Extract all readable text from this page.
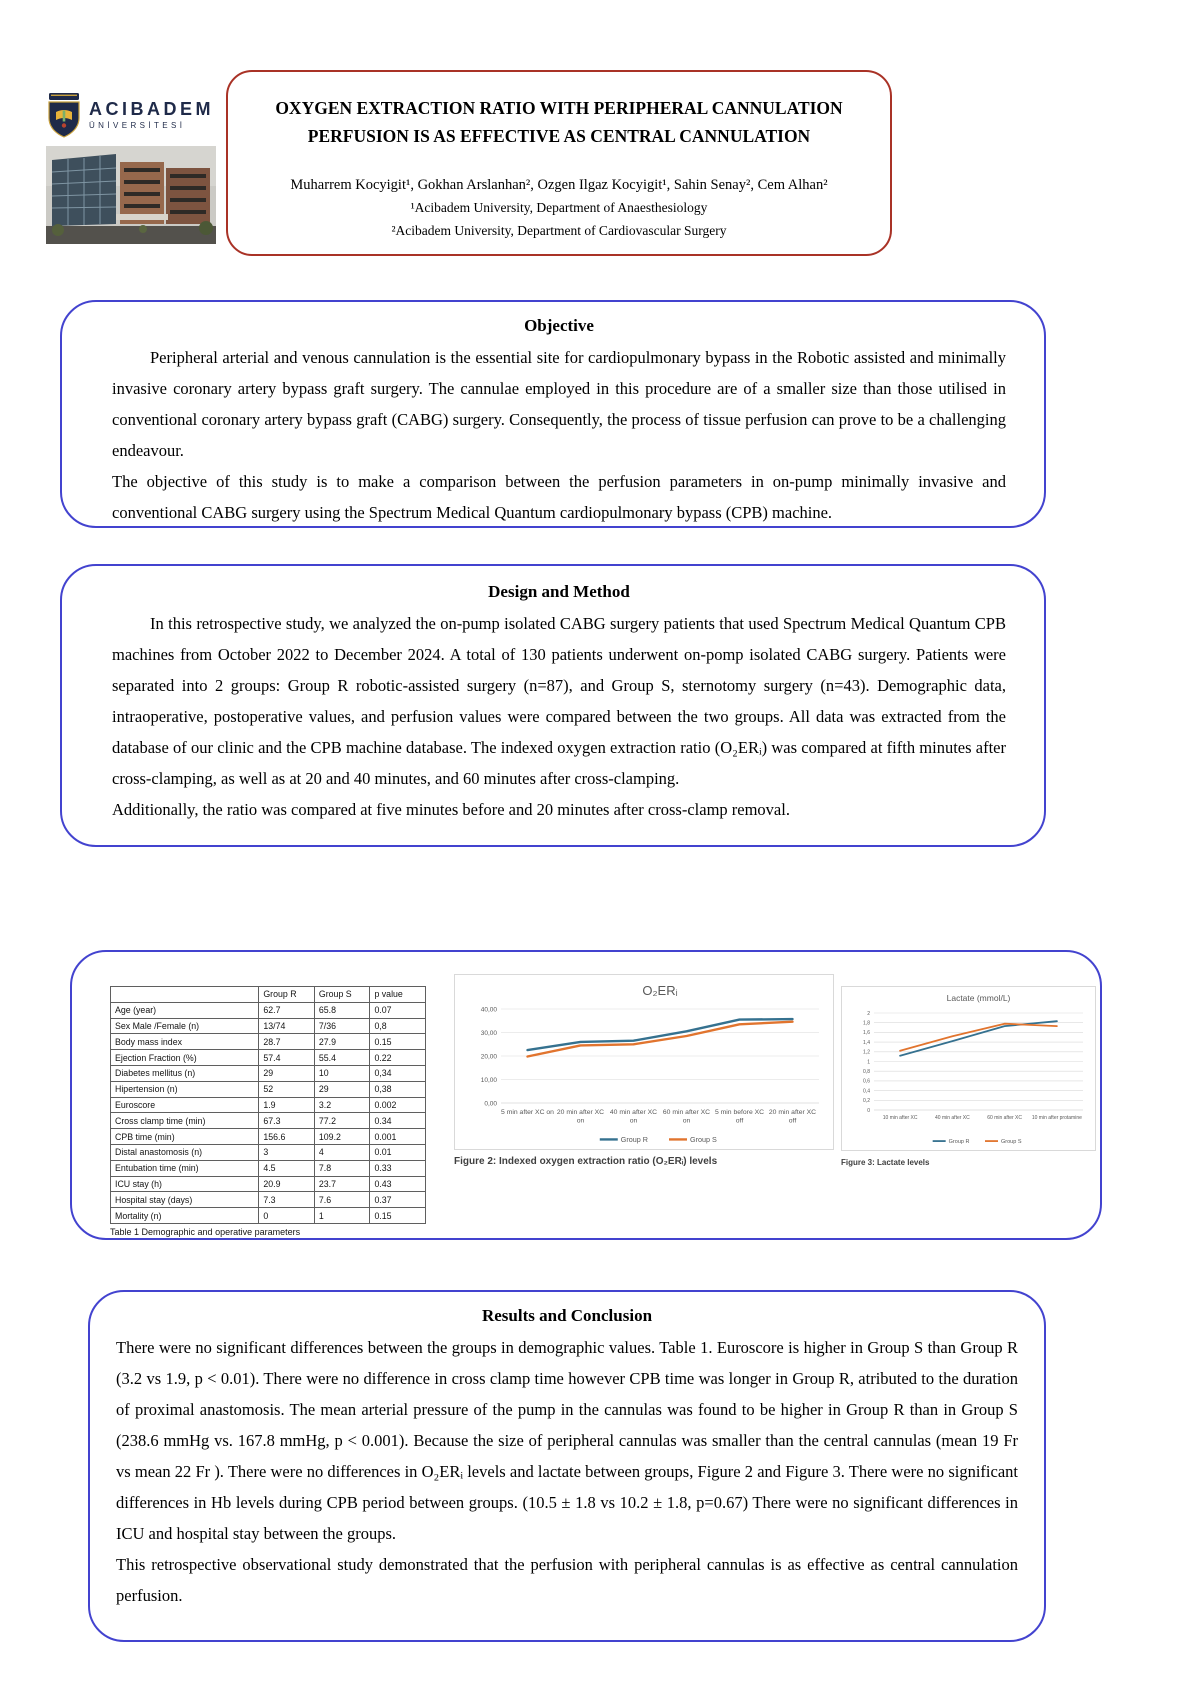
ACIBADEM
ÜNİVERSİTESİ
OXYGEN EXTRACTION RATIO WITH PERIPHERAL CANNULATION
PERFUSION IS AS EFFECTIVE AS CENTRAL CANNULATION
Muharrem Kocyigit¹, Gokhan Arslanhan², Ozgen Ilgaz Kocyigit¹, Sahin Senay², Cem Alhan²
¹Acibadem University, Department of Anaesthesiology
²Acibadem University, Department of Cardiovascular Surgery
Objective

Peripheral arterial and venous cannulation is the essential site for cardiopulmonary bypass in the Robotic assisted and minimally invasive coronary artery bypass graft surgery. The cannulae employed in this procedure are of a smaller size than those utilised in conventional coronary artery bypass graft (CABG) surgery. Consequently, the process of tissue perfusion can prove to be a challenging endeavour.

The objective of this study is to make a comparison between the perfusion parameters in on-pump minimally invasive and conventional CABG surgery using the Spectrum Medical Quantum cardiopulmonary bypass (CPB) machine.

Design and Method

In this retrospective study, we analyzed the on-pump isolated CABG surgery patients that used Spectrum Medical Quantum CPB machines from October 2022 to December 2024. A total of 130 patients underwent on-pomp isolated CABG surgery. Patients were separated into 2 groups: Group R robotic-assisted surgery (n=87), and Group S, sternotomy surgery (n=43). Demographic data, intraoperative, postoperative values, and perfusion values were compared between the two groups. All data was extracted from the database of our clinic and the CPB machine database. The indexed oxygen extraction ratio (O₂ERᵢ) was compared at fifth minutes after cross-clamping, as well as at 20 and 40 minutes, and 60 minutes after cross-clamping.

Additionally, the ratio was compared at five minutes before and 20 minutes after cross-clamp removal.

	Group R	Group S	p value
Age (year)	62.7	65.8	0.07
Sex Male /Female (n)	13/74	7/36	0,8
Body mass index	28.7	27.9	0.15
Ejection Fraction (%)	57.4	55.4	0.22
Diabetes mellitus (n)	29	10	0,34
Hipertension (n)	52	29	0,38
Euroscore	1.9	3.2	0.002
Cross clamp time (min)	67.3	77.2	0.34
CPB time (min)	156.6	109.2	0.001
Distal anastomosis (n)	3	4	0.01
Entubation time (min)	4.5	7.8	0.33
ICU stay (h)	20.9	23.7	0.43
Hospital stay (days)	7.3	7.6	0.37
Mortality (n)	0	1	0.15
Table 1 Demographic and operative parameters
O₂ERᵢ
0,00
10,00
20,00
30,00
40,00
5 min after XC on 20 min after XC on
40 min after XC on
60 min after XC on
5 min before XC off
20 min after XC off
Group R	Group S
Figure 2: Indexed oxygen extraction ratio (O₂ERᵢ) levels
Lactate (mmol/L)
0
0,2
0,4
0,6
0,8
1
1,2
1,4
1,6
1,8
2
10 min after XC	40 min after XC	60 min after XC 10 min after protamine
Group R	Group S
Figure 3: Lactate levels
Results and Conclusion

There were no significant differences between the groups in demographic values. Table 1. Euroscore is higher in Group S than Group R (3.2 vs 1.9, p < 0.01). There were no difference in cross clamp time however CPB time was longer in Group R, atributed to the duration of proximal anastomosis. The mean arterial pressure of the pump in the cannulas was found to be higher in Group R than in Group S (238.6 mmHg vs. 167.8 mmHg, p < 0.001). Because the size of peripheral cannulas was smaller than the central cannulas (mean 19 Fr vs mean 22 Fr ). There were no differences in O₂ERᵢ levels and lactate between groups, Figure 2 and Figure 3. There were no significant differences in Hb levels during CPB period between groups. (10.5 ± 1.8 vs 10.2 ± 1.8, p=0.67) There were no significant differences in ICU and hospital stay between the groups.

This retrospective observational study demonstrated that the perfusion with peripheral cannulas is as effective as central cannulation perfusion.
